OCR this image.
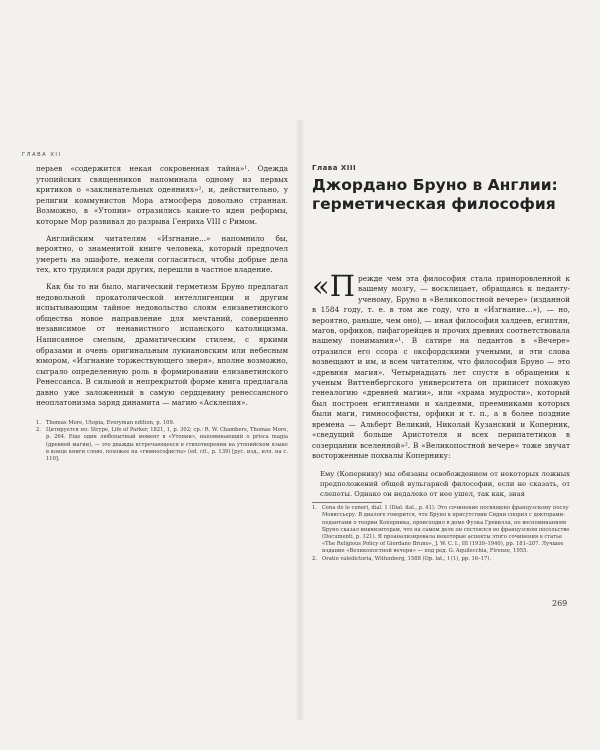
ГЛАВА XII

перьев «содержится некая сокровенная тайна»¹. Одежда утопийских священников напоминала одному из первых критиков о «заклинательных одеяниях»², и, действительно, у религии коммунистов Мора атмосфера довольно странная. Возможно, в «Утопии» отразились какие-то идеи реформы, которые Мор развивал до разрыва Генриха VIII с Римом.

Английским читателям «Изгнание...» напомнило бы, вероятно, о знаменитой книге человека, который предпочел умереть на эшафоте, нежели согласиться, чтобы добрые дела тех, кто трудился ради других, перешли в частное владение.

Как бы то ни было, магический герметизм Бруно предлагал недовольной прокатолической интеллигенции и другим испытывающим тайное недовольство слоям елизаветинского общества новое направление для мечтаний, совершенно независимое от ненавистного испанского католицизма. Написанное смелым, драматическим стилем, с яркими образами и очень оригинальным лукиановским или небесным юмором, «Изгнание торжествующего зверя», вполне возможно, сыграло определенную роль в формировании елизаветинского Ренессанса. В сильной и непрекрытой форме книга предлагала давно уже заложенный в самую сердцевину ренессансного неоплатонизма заряд динамита — магию «Асклепия».

1. Thomas More, Utopia, Everyman edition, p. 109.
2. Цитируется по: Strype, Life of Parker, 1821, 1, p. 302; ср.: R. W. Chambers, Thomas More, p. 264. Еще один любопытный момент в «Утопии», напоминающий о prisca magia (древней магии), — это дважды встречающееся в стихотворении на утопийском языке в конце книги слово, похожее на «гимнософисты» (ed. cit., p. 139) [рус. изд., илл. на с. 110].
Глава XIII
Джордано Бруно в Англии: герметическая философия
«Прежде чем эта философия стала приноровленной к вашему мозгу, — восклицает, обращаясь к педанту-ученому, Бруно в «Великопостной вечере» (изданной в 1584 году, т. е. в том же году, что и «Изгнание...»), — но, вероятно, раньше, чем оно), — иная философия халдеев, египтян, магов, орфиков, пифагорейцев и прочих древних соответствовала нашему понимания»¹. В сатире на педантов в «Вечере» отразился его ссора с оксфордскими учеными, и эти слова возвещают и им, и всем читателям, что философия Бруно — это «древняя магия». Четырнадцать лет спустя в обращении к ученым Виттенбергского университета он приписет похожую генеалогию «древней магии», или «храма мудрости», который был построен египтянами и халдеями, преемниками которых были маги, гимнософисты, орфики и т. п., а в более поздние времена — Альберт Великий, Николай Кузанский и Коперник, «сведущий больше Аристотеля и всех перипатетиков в созерцании вселенной»². В «Великопостной вечере» тоже звучат восторженные похвалы Копернику:
Ему (Копернику) мы обязаны освобождением от некоторых ложных предположений общей вульгарной философии, если не сказать, от слепоты. Однако он недалеко от нее ушел, так как, зная
1. Cena de le ceneri, dial. 1 (Dial. ital., p. 41). Это сочинение посвящено французскому послу Мовиссьеру. В диалоге говорится, что Бруно в присутствии Сидни спорил с докторами-педантами о теории Коперника, происходил в доме Фулка Гревилла, по воспоминаниям Бруно сказал инквизиторам, что на самом деле он состоялся во французском посольстве (Documenti, p. 121). Я проанализировала некоторые аспекты этого сочинения в статье «The Religious Policy of Giordano Bruno», J. W. C. I., III (1939–1940), pp. 181–207. Лучшее издание «Великопостной вечери» — под ред. G. Aquilecchia, Firenze, 1955.
2. Oratio valedictoria, Wittenberg, 1588 (Op. lat., I (1), pp. 16–17).
269
